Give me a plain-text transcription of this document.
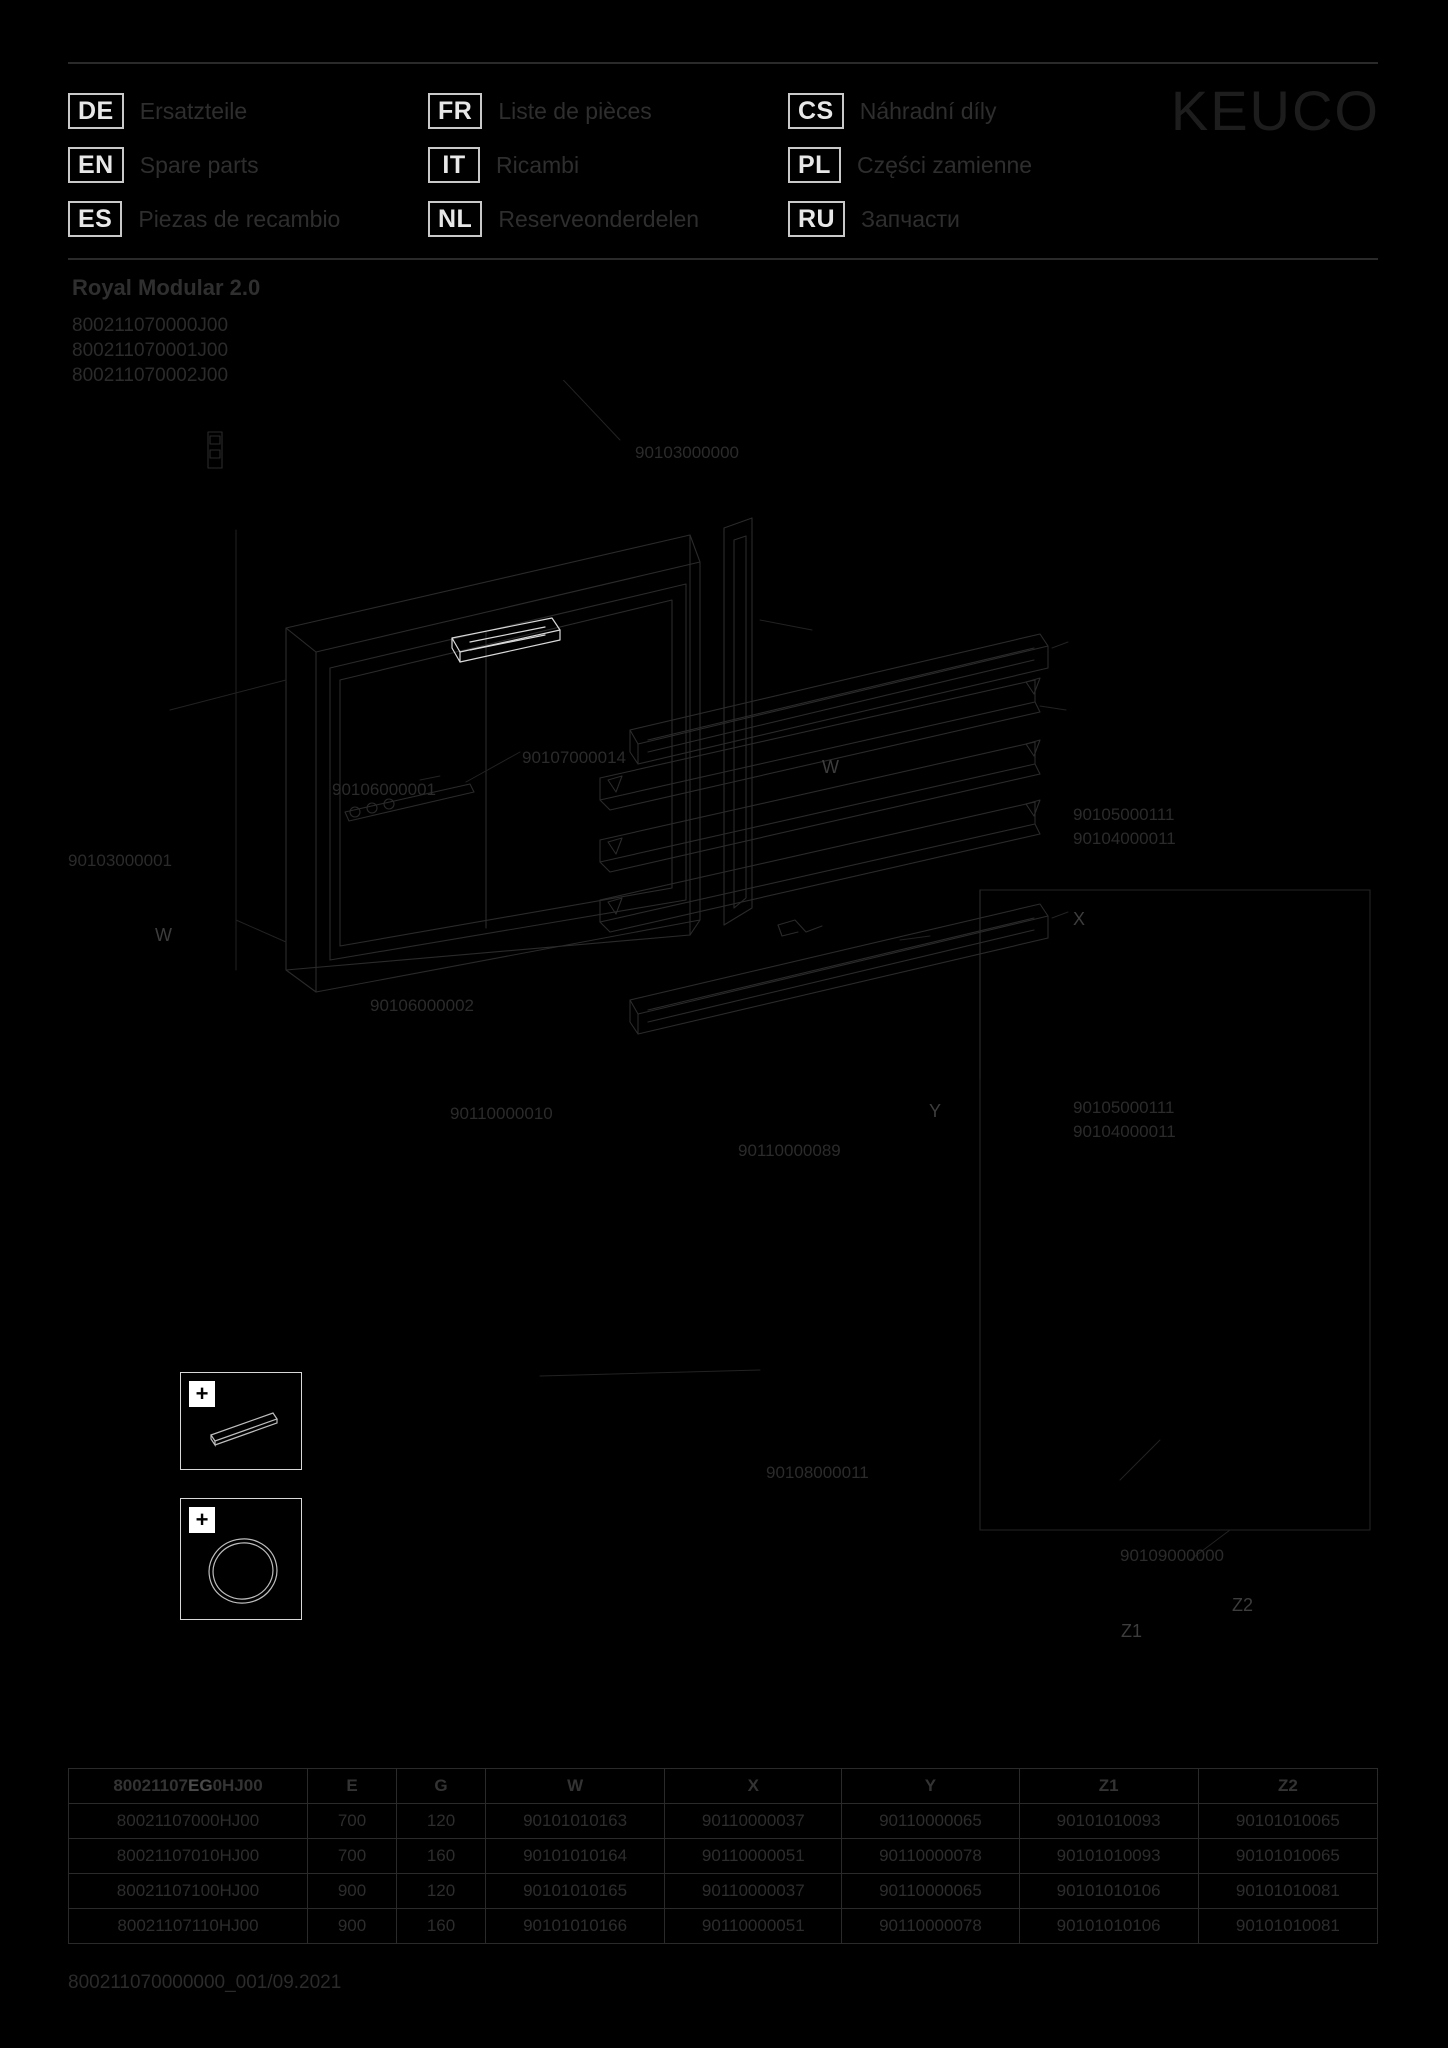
DE	Ersatzteile	FR	Liste de pièces	CS	Náhradní díly
EN	Spare parts	IT	Ricambi	PL	Części zamienne
ES	Piezas de recambio	NL	Reserveonderdelen	RU	Запчасти
KEUCO
Royal Modular 2.0
800211070000J00
800211070001J00
800211070002J00
90103000000
90107000014
90106000001
90103000001
90105000111
90104000011
90106000002
90110000010
90110000089
90105000111
90104000011
90108000011
90109000000
W
W
X
Y
Z1
Z2
+
+
80021107EG0HJ00	E	G	W	X	Y	Z1	Z2
80021107000HJ00	700	120	90101010163	90110000037	90110000065	90101010093	90101010065
80021107010HJ00	700	160	90101010164	90110000051	90110000078	90101010093	90101010065
80021107100HJ00	900	120	90101010165	90110000037	90110000065	90101010106	90101010081
80021107110HJ00	900	160	90101010166	90110000051	90110000078	90101010106	90101010081
800211070000000_001/09.2021
